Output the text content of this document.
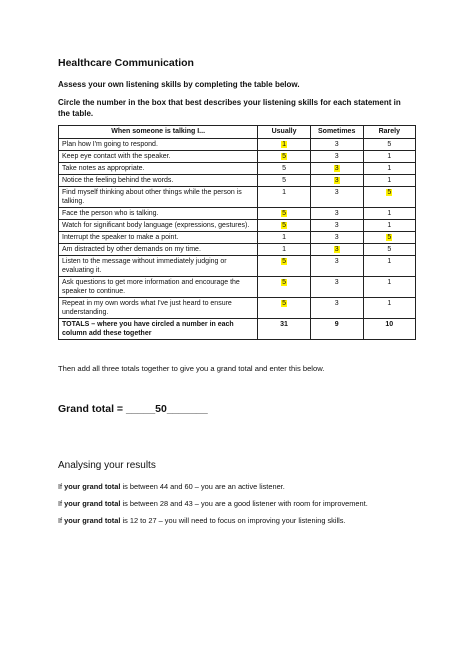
Healthcare Communication
Assess your own listening skills by completing the table below.
Circle the number in the box that best describes your listening skills for each statement in the table.
When someone is talking I...	Usually	Sometimes	Rarely
Plan how I'm going to respond.	1	3	5
Keep eye contact with the speaker.	5	3	1
Take notes as appropriate.	5	3	1
Notice the feeling behind the words.	5	3	1
Find myself thinking about other things while the person is talking.	1	3	5
Face the person who is talking.	5	3	1
Watch for significant body language (expressions, gestures).	5	3	1
Interrupt the speaker to make a point.	1	3	5
Am distracted by other demands on my time.	1	3	5
Listen to the message without immediately judging or evaluating it.	5	3	1
Ask questions to get more information and encourage the speaker to continue.	5	3	1
Repeat in my own words what I've just heard to ensure understanding.	5	3	1
TOTALS – where you have circled a number in each column add these together	31	9	10
Then add all three totals together to give you a grand total and enter this below.
Grand total = _____50_______
Analysing your results
If your grand total is between 44 and 60 – you are an active listener.
If your grand total is between 28 and 43 – you are a good listener with room for improvement.
If your grand total is 12 to 27 – you will need to focus on improving your listening skills.
